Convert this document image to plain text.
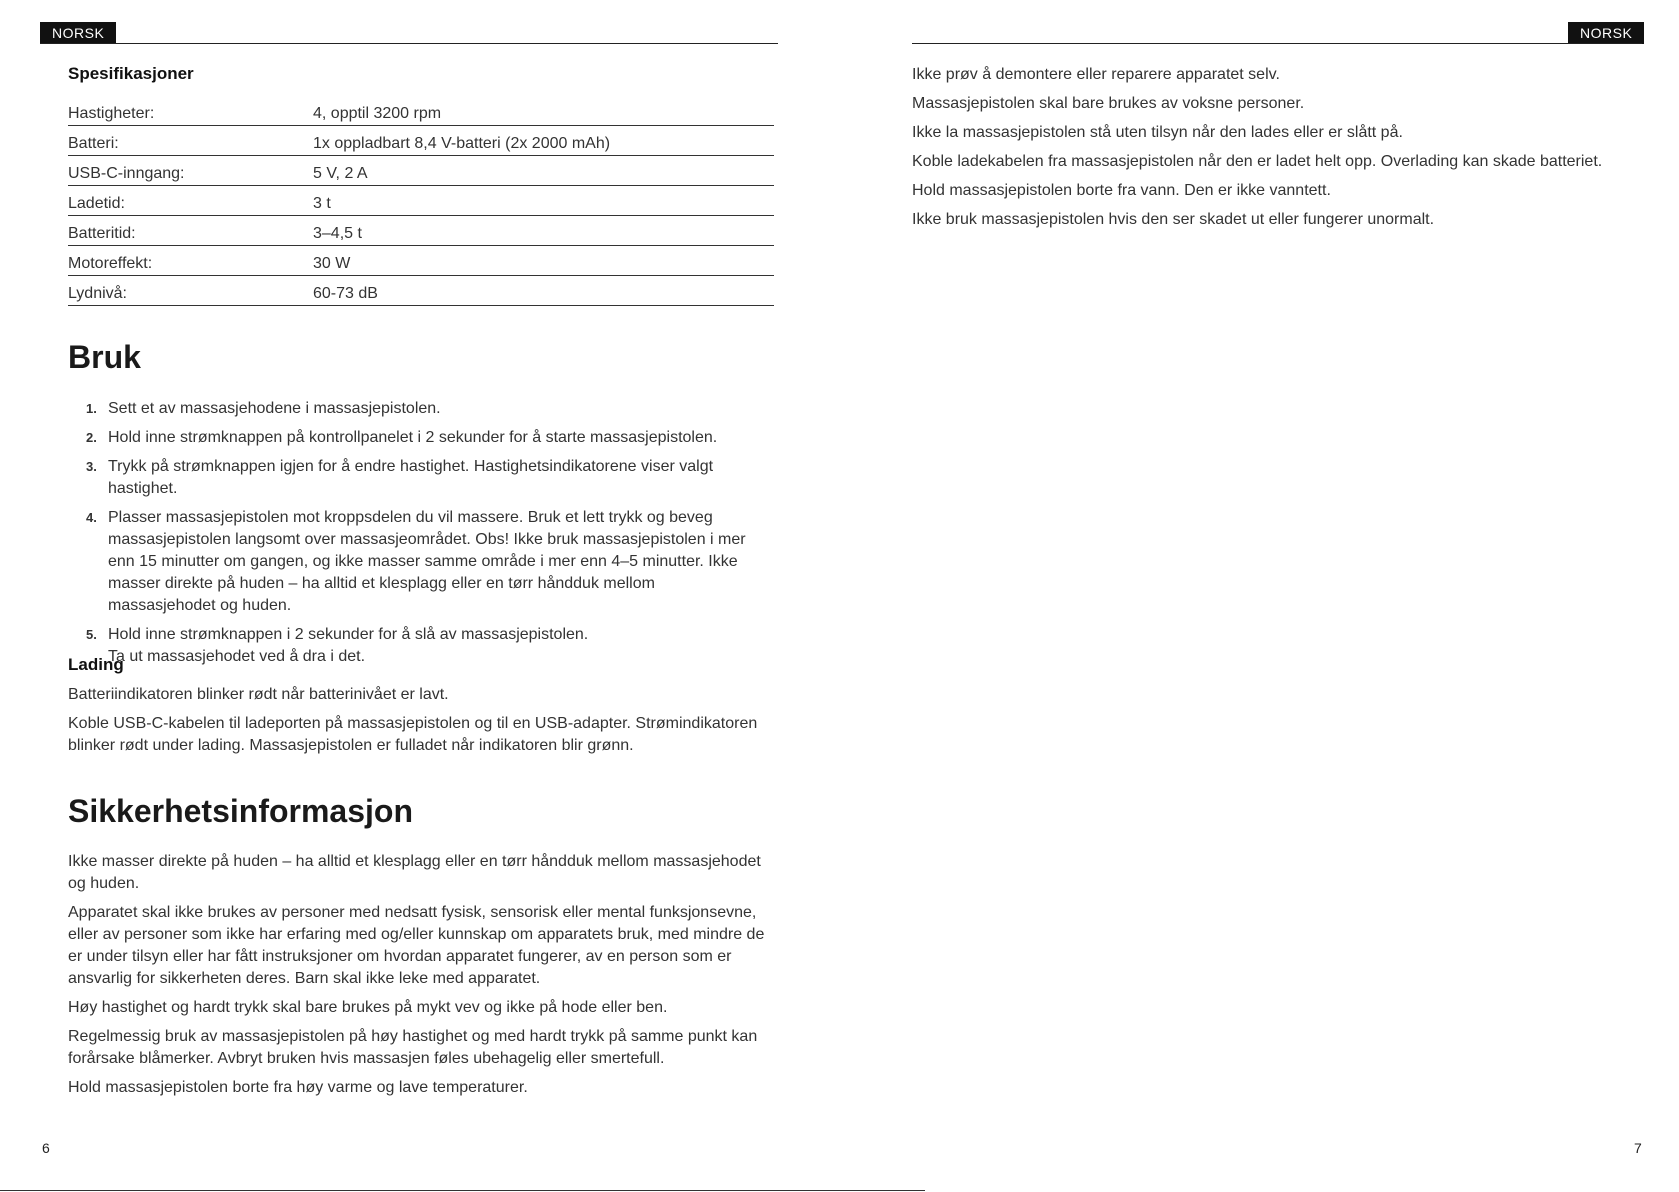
NORSK
Spesifikasjoner
Hastigheter:	4, opptil 3200 rpm
Batteri:	1x oppladbart 8,4 V-batteri (2x 2000 mAh)
USB-C-inngang:	5 V, 2 A
Ladetid:	3 t
Batteritid:	3–4,5 t
Motoreffekt:	30 W
Lydnivå:	60-73 dB
Bruk
1. Sett et av massasjehodene i massasjepistolen.
2. Hold inne strømknappen på kontrollpanelet i 2 sekunder for å starte massasjepistolen.
3. Trykk på strømknappen igjen for å endre hastighet. Hastighetsindikatorene viser valgt hastighet.
4. Plasser massasjepistolen mot kroppsdelen du vil massere. Bruk et lett trykk og beveg massasjepistolen langsomt over massasjeområdet. Obs! Ikke bruk massasjepistolen i mer enn 15 minutter om gangen, og ikke masser samme område i mer enn 4–5 minutter. Ikke masser direkte på huden – ha alltid et klesplagg eller en tørr håndduk mellom massasjehodet og huden.
5. Hold inne strømknappen i 2 sekunder for å slå av massasjepistolen.
Ta ut massasjehodet ved å dra i det.
Lading

Batteriindikatoren blinker rødt når batterinivået er lavt.

Koble USB-C-kabelen til ladeporten på massasjepistolen og til en USB-adapter. Strømindikatoren blinker rødt under lading. Massasjepistolen er fulladet når indikatoren blir grønn.

Sikkerhetsinformasjon

Ikke masser direkte på huden – ha alltid et klesplagg eller en tørr håndduk mellom massasjehodet og huden.

Apparatet skal ikke brukes av personer med nedsatt fysisk, sensorisk eller mental funksjonsevne, eller av personer som ikke har erfaring med og/eller kunnskap om apparatets bruk, med mindre de er under tilsyn eller har fått instruksjoner om hvordan apparatet fungerer, av en person som er ansvarlig for sikkerheten deres. Barn skal ikke leke med apparatet.

Høy hastighet og hardt trykk skal bare brukes på mykt vev og ikke på hode eller ben.

Regelmessig bruk av massasjepistolen på høy hastighet og med hardt trykk på samme punkt kan forårsake blåmerker. Avbryt bruken hvis massasjen føles ubehagelig eller smertefull.

Hold massasjepistolen borte fra høy varme og lave temperaturer.

6
NORSK

Ikke prøv å demontere eller reparere apparatet selv.

Massasjepistolen skal bare brukes av voksne personer.

Ikke la massasjepistolen stå uten tilsyn når den lades eller er slått på.

Koble ladekabelen fra massasjepistolen når den er ladet helt opp. Overlading kan skade batteriet.

Hold massasjepistolen borte fra vann. Den er ikke vanntett.

Ikke bruk massasjepistolen hvis den ser skadet ut eller fungerer unormalt.

7
